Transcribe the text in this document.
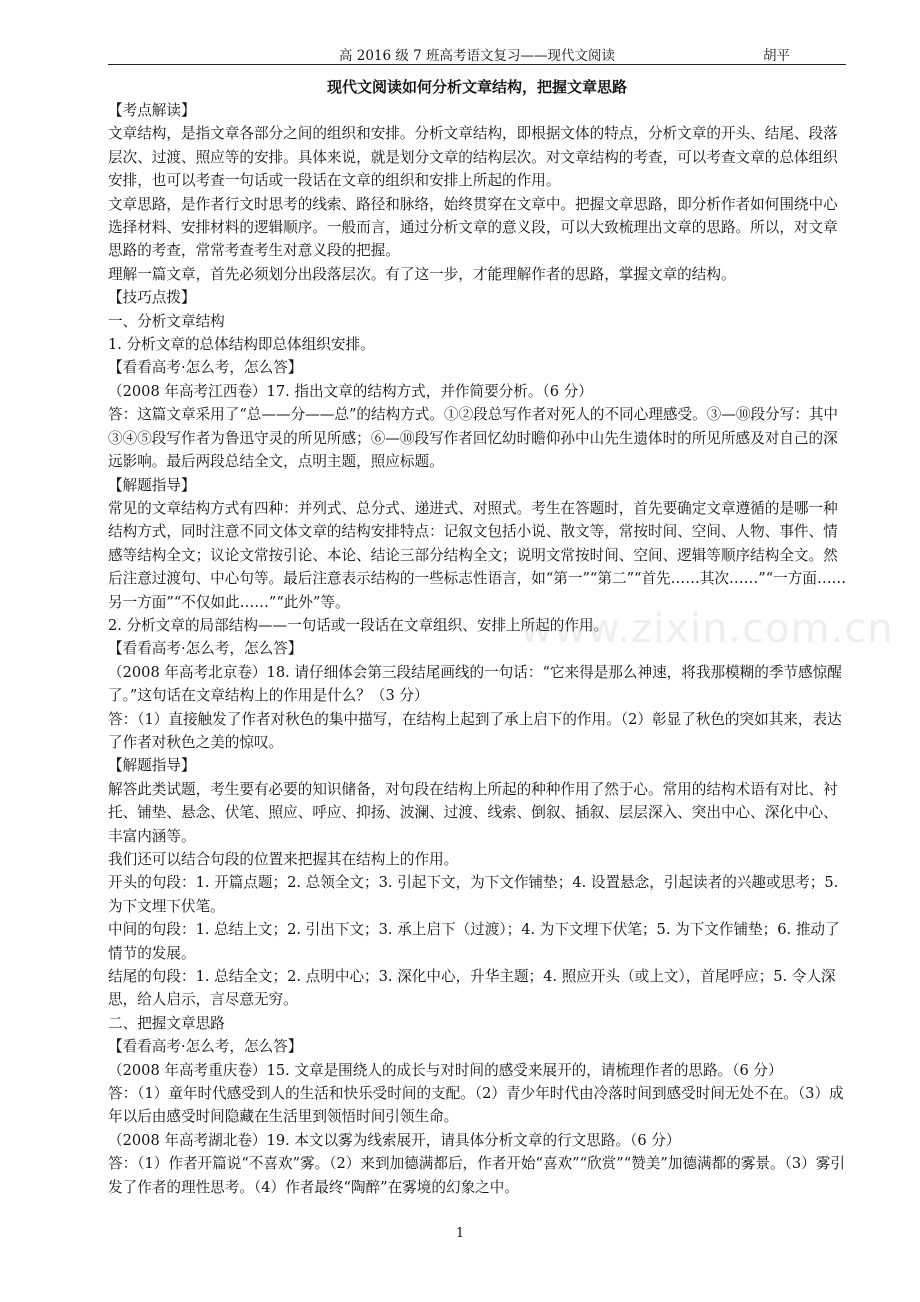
高 2016 级 7 班高考语文复习——现代文阅读	胡平
现代文阅读如何分析文章结构，把握文章思路

【考点解读】

文章结构，是指文章各部分之间的组织和安排。分析文章结构，即根据文体的特点，分析文章的开头、结尾、段落层次、过渡、照应等的安排。具体来说，就是划分文章的结构层次。对文章结构的考查，可以考查文章的总体组织安排，也可以考查一句话或一段话在文章的组织和安排上所起的作用。

文章思路，是作者行文时思考的线索、路径和脉络，始终贯穿在文章中。把握文章思路，即分析作者如何围绕中心选择材料、安排材料的逻辑顺序。一般而言，通过分析文章的意义段，可以大致梳理出文章的思路。所以，对文章思路的考查，常常考查考生对意义段的把握。

理解一篇文章，首先必须划分出段落层次。有了这一步，才能理解作者的思路，掌握文章的结构。

【技巧点拨】

一、分析文章结构

1. 分析文章的总体结构即总体组织安排。

【看看高考·怎么考，怎么答】

（2008 年高考江西卷）17. 指出文章的结构方式，并作简要分析。（6 分）

答：这篇文章采用了“总——分——总”的结构方式。①②段总写作者对死人的不同心理感受。③—⑩段分写：其中③④⑤段写作者为鲁迅守灵的所见所感；⑥—⑩段写作者回忆幼时瞻仰孙中山先生遗体时的所见所感及对自己的深远影响。最后两段总结全文，点明主题，照应标题。

【解题指导】

常见的文章结构方式有四种：并列式、总分式、递进式、对照式。考生在答题时，首先要确定文章遵循的是哪一种结构方式，同时注意不同文体文章的结构安排特点：记叙文包括小说、散文等，常按时间、空间、人物、事件、情感等结构全文；议论文常按引论、本论、结论三部分结构全文；说明文常按时间、空间、逻辑等顺序结构全文。然后注意过渡句、中心句等。最后注意表示结构的一些标志性语言，如“第一”“第二”“首先……其次……”“一方面……另一方面”“不仅如此……”“此外”等。

2. 分析文章的局部结构——一句话或一段话在文章组织、安排上所起的作用。

【看看高考·怎么考，怎么答】

（2008 年高考北京卷）18. 请仔细体会第三段结尾画线的一句话：“它来得是那么神速，将我那模糊的季节感惊醒了。”这句话在文章结构上的作用是什么？（3 分）

答：（1）直接触发了作者对秋色的集中描写，在结构上起到了承上启下的作用。（2）彰显了秋色的突如其来，表达了作者对秋色之美的惊叹。

【解题指导】

解答此类试题，考生要有必要的知识储备，对句段在结构上所起的种种作用了然于心。常用的结构术语有对比、衬托、铺垫、悬念、伏笔、照应、呼应、抑扬、波澜、过渡、线索、倒叙、插叙、层层深入、突出中心、深化中心、丰富内涵等。

我们还可以结合句段的位置来把握其在结构上的作用。

开头的句段：1. 开篇点题；2. 总领全文；3. 引起下文，为下文作铺垫；4. 设置悬念，引起读者的兴趣或思考；5. 为下文埋下伏笔。

中间的句段：1. 总结上文；2. 引出下文；3. 承上启下（过渡）；4. 为下文埋下伏笔；5. 为下文作铺垫；6. 推动了情节的发展。

结尾的句段：1. 总结全文；2. 点明中心；3. 深化中心，升华主题；4. 照应开头（或上文），首尾呼应；5. 令人深思，给人启示，言尽意无穷。

二、把握文章思路

【看看高考·怎么考，怎么答】

（2008 年高考重庆卷）15. 文章是围绕人的成长与对时间的感受来展开的，请梳理作者的思路。（6 分）

答：（1）童年时代感受到人的生活和快乐受时间的支配。（2）青少年时代由冷落时间到感受时间无处不在。（3）成年以后由感受时间隐藏在生活里到领悟时间引领生命。

（2008 年高考湖北卷）19. 本文以雾为线索展开，请具体分析文章的行文思路。（6 分）

答：（1）作者开篇说“不喜欢”雾。（2）来到加德满都后，作者开始“喜欢”“欣赏”“赞美”加德满都的雾景。（3）雾引发了作者的理性思考。（4）作者最终“陶醉”在雾境的幻象之中。

www.zixin.com.cn
1
